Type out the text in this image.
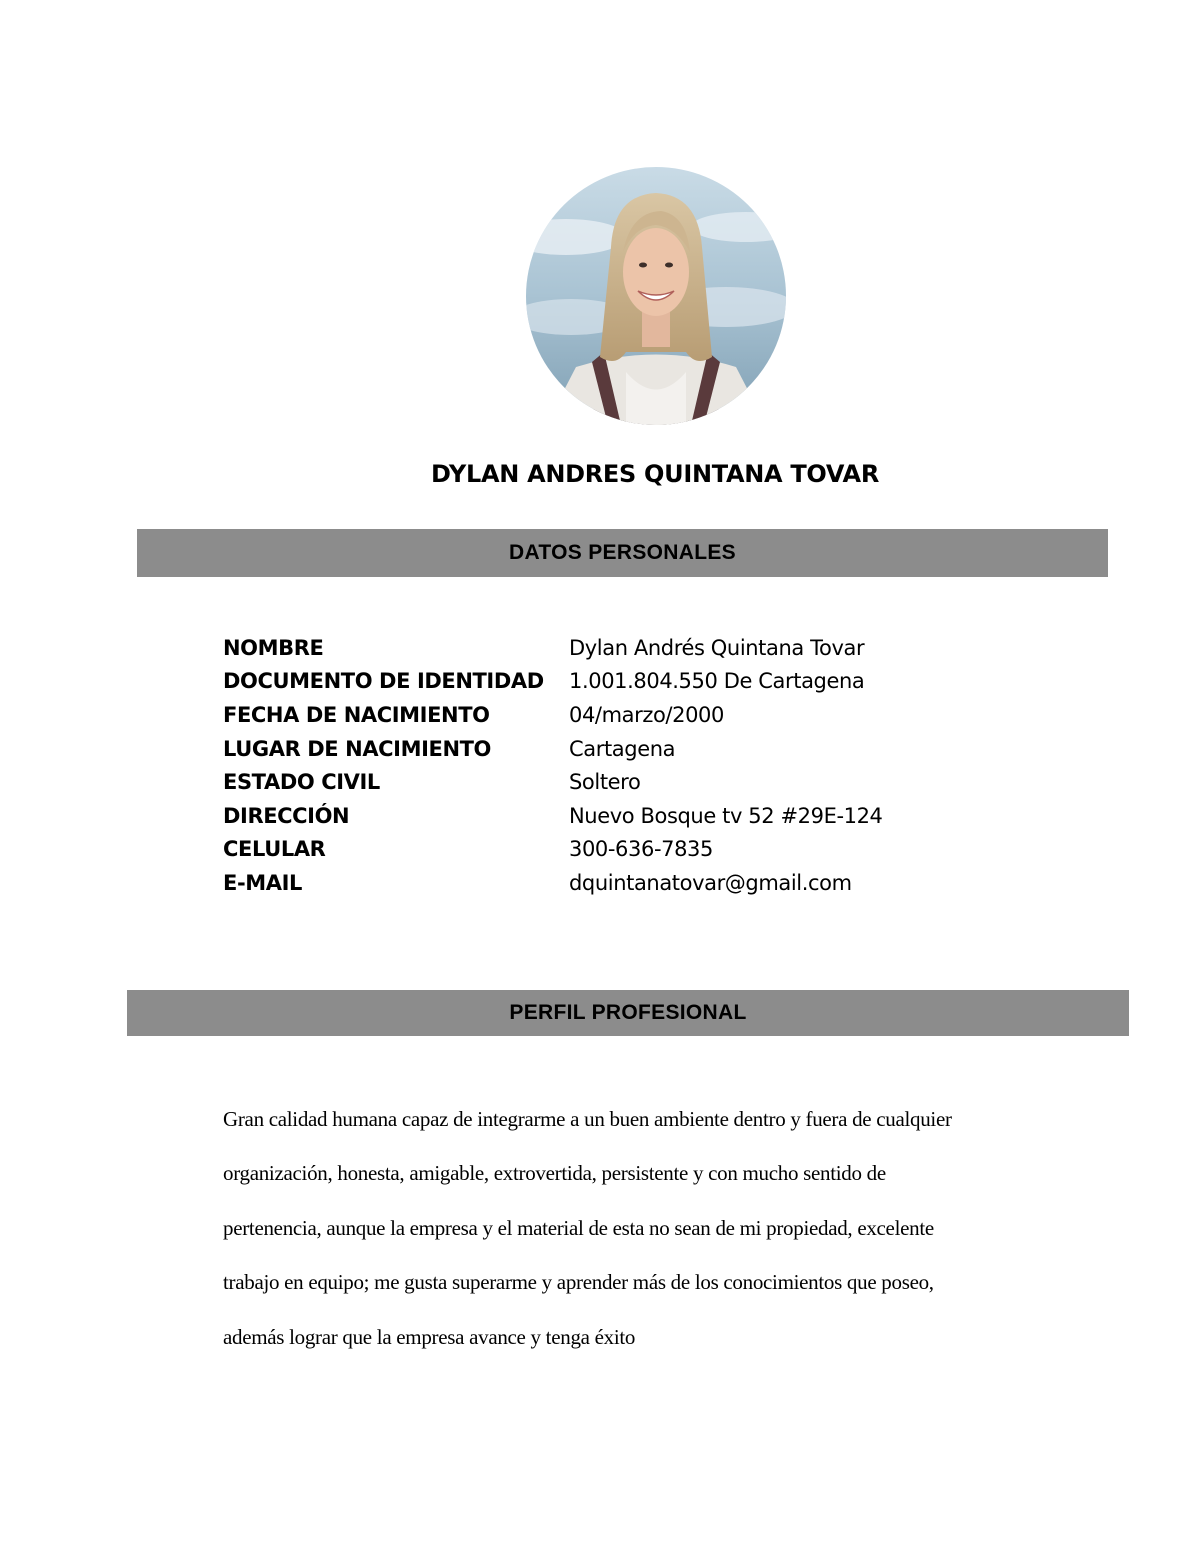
DYLAN ANDRES QUINTANA TOVAR
DATOS PERSONALES
NOMBRE	Dylan Andrés Quintana Tovar
DOCUMENTO DE IDENTIDAD	1.001.804.550 De Cartagena
FECHA DE NACIMIENTO	04/marzo/2000
LUGAR DE NACIMIENTO	Cartagena
ESTADO CIVIL	Soltero
DIRECCIÓN	Nuevo Bosque tv 52 #29E-124
CELULAR	300-636-7835
E-MAIL	dquintanatovar@gmail.com
PERFIL PROFESIONAL
Gran calidad humana capaz de integrarme a un buen ambiente dentro y fuera de cualquier
organización, honesta, amigable, extrovertida, persistente y con mucho sentido de
pertenencia, aunque la empresa y el material de esta no sean de mi propiedad, excelente
trabajo en equipo; me gusta superarme y aprender más de los conocimientos que poseo,
además lograr que la empresa avance y tenga éxito
